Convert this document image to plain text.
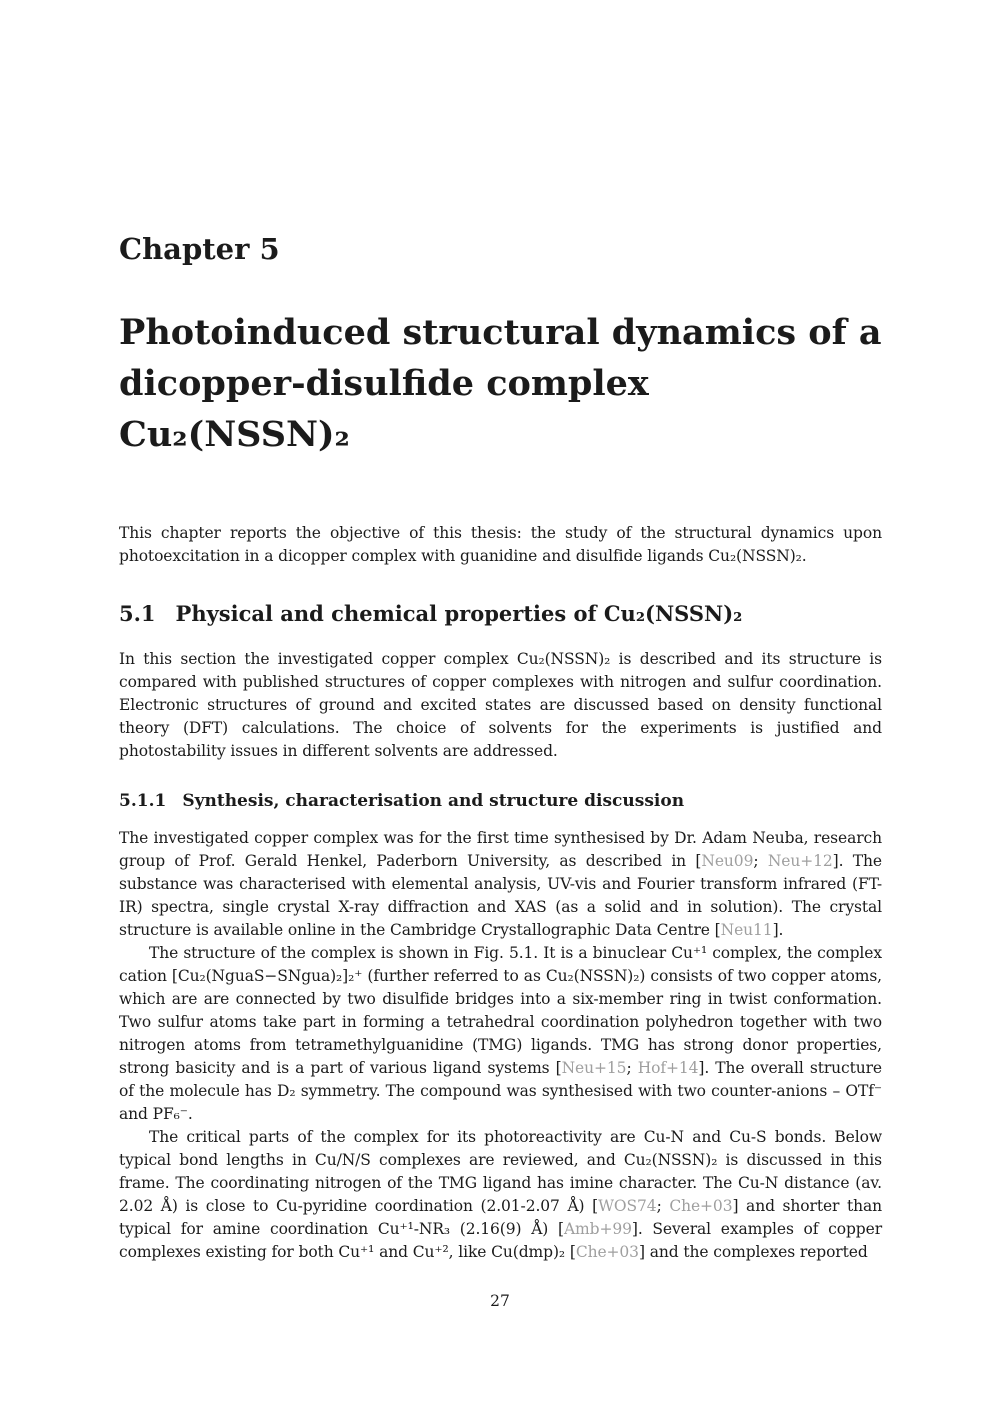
Chapter 5
Photoinduced structural dynamics of a
dicopper-disulfide complex
Cu₂(NSSN)₂

This chapter reports the objective of this thesis: the study of the structural dynamics upon photoexcitation in a dicopper complex with guanidine and disulfide ligands Cu₂(NSSN)₂.

5.1 Physical and chemical properties of Cu₂(NSSN)₂

In this section the investigated copper complex Cu₂(NSSN)₂ is described and its structure is compared with published structures of copper complexes with nitrogen and sulfur coordination. Electronic structures of ground and excited states are discussed based on density functional theory (DFT) calculations. The choice of solvents for the experiments is justified and photostability issues in different solvents are addressed.

5.1.1 Synthesis, characterisation and structure discussion

The investigated copper complex was for the first time synthesised by Dr. Adam Neuba, research group of Prof. Gerald Henkel, Paderborn University, as described in [Neu09; Neu+12]. The substance was characterised with elemental analysis, UV-vis and Fourier transform infrared (FT-IR) spectra, single crystal X-ray diffraction and XAS (as a solid and in solution). The crystal structure is available online in the Cambridge Crystallographic Data Centre [Neu11].

The structure of the complex is shown in Fig. 5.1. It is a binuclear Cu⁺¹ complex, the complex cation [Cu₂(NguaS−SNgua)₂]₂⁺ (further referred to as Cu₂(NSSN)₂) consists of two copper atoms, which are are connected by two disulfide bridges into a six-member ring in twist conformation. Two sulfur atoms take part in forming a tetrahedral coordination polyhedron together with two nitrogen atoms from tetramethylguanidine (TMG) ligands. TMG has strong donor properties, strong basicity and is a part of various ligand systems [Neu+15; Hof+14]. The overall structure of the molecule has D₂ symmetry. The compound was synthesised with two counter-anions – OTf⁻ and PF₆⁻.

The critical parts of the complex for its photoreactivity are Cu-N and Cu-S bonds. Below typical bond lengths in Cu/N/S complexes are reviewed, and Cu₂(NSSN)₂ is discussed in this frame. The coordinating nitrogen of the TMG ligand has imine character. The Cu-N distance (av. 2.02 Å) is close to Cu-pyridine coordination (2.01-2.07 Å) [WOS74; Che+03] and shorter than typical for amine coordination Cu⁺¹-NR₃ (2.16(9) Å) [Amb+99]. Several examples of copper complexes existing for both Cu⁺¹ and Cu⁺², like Cu(dmp)₂ [Che+03] and the complexes reported

27
